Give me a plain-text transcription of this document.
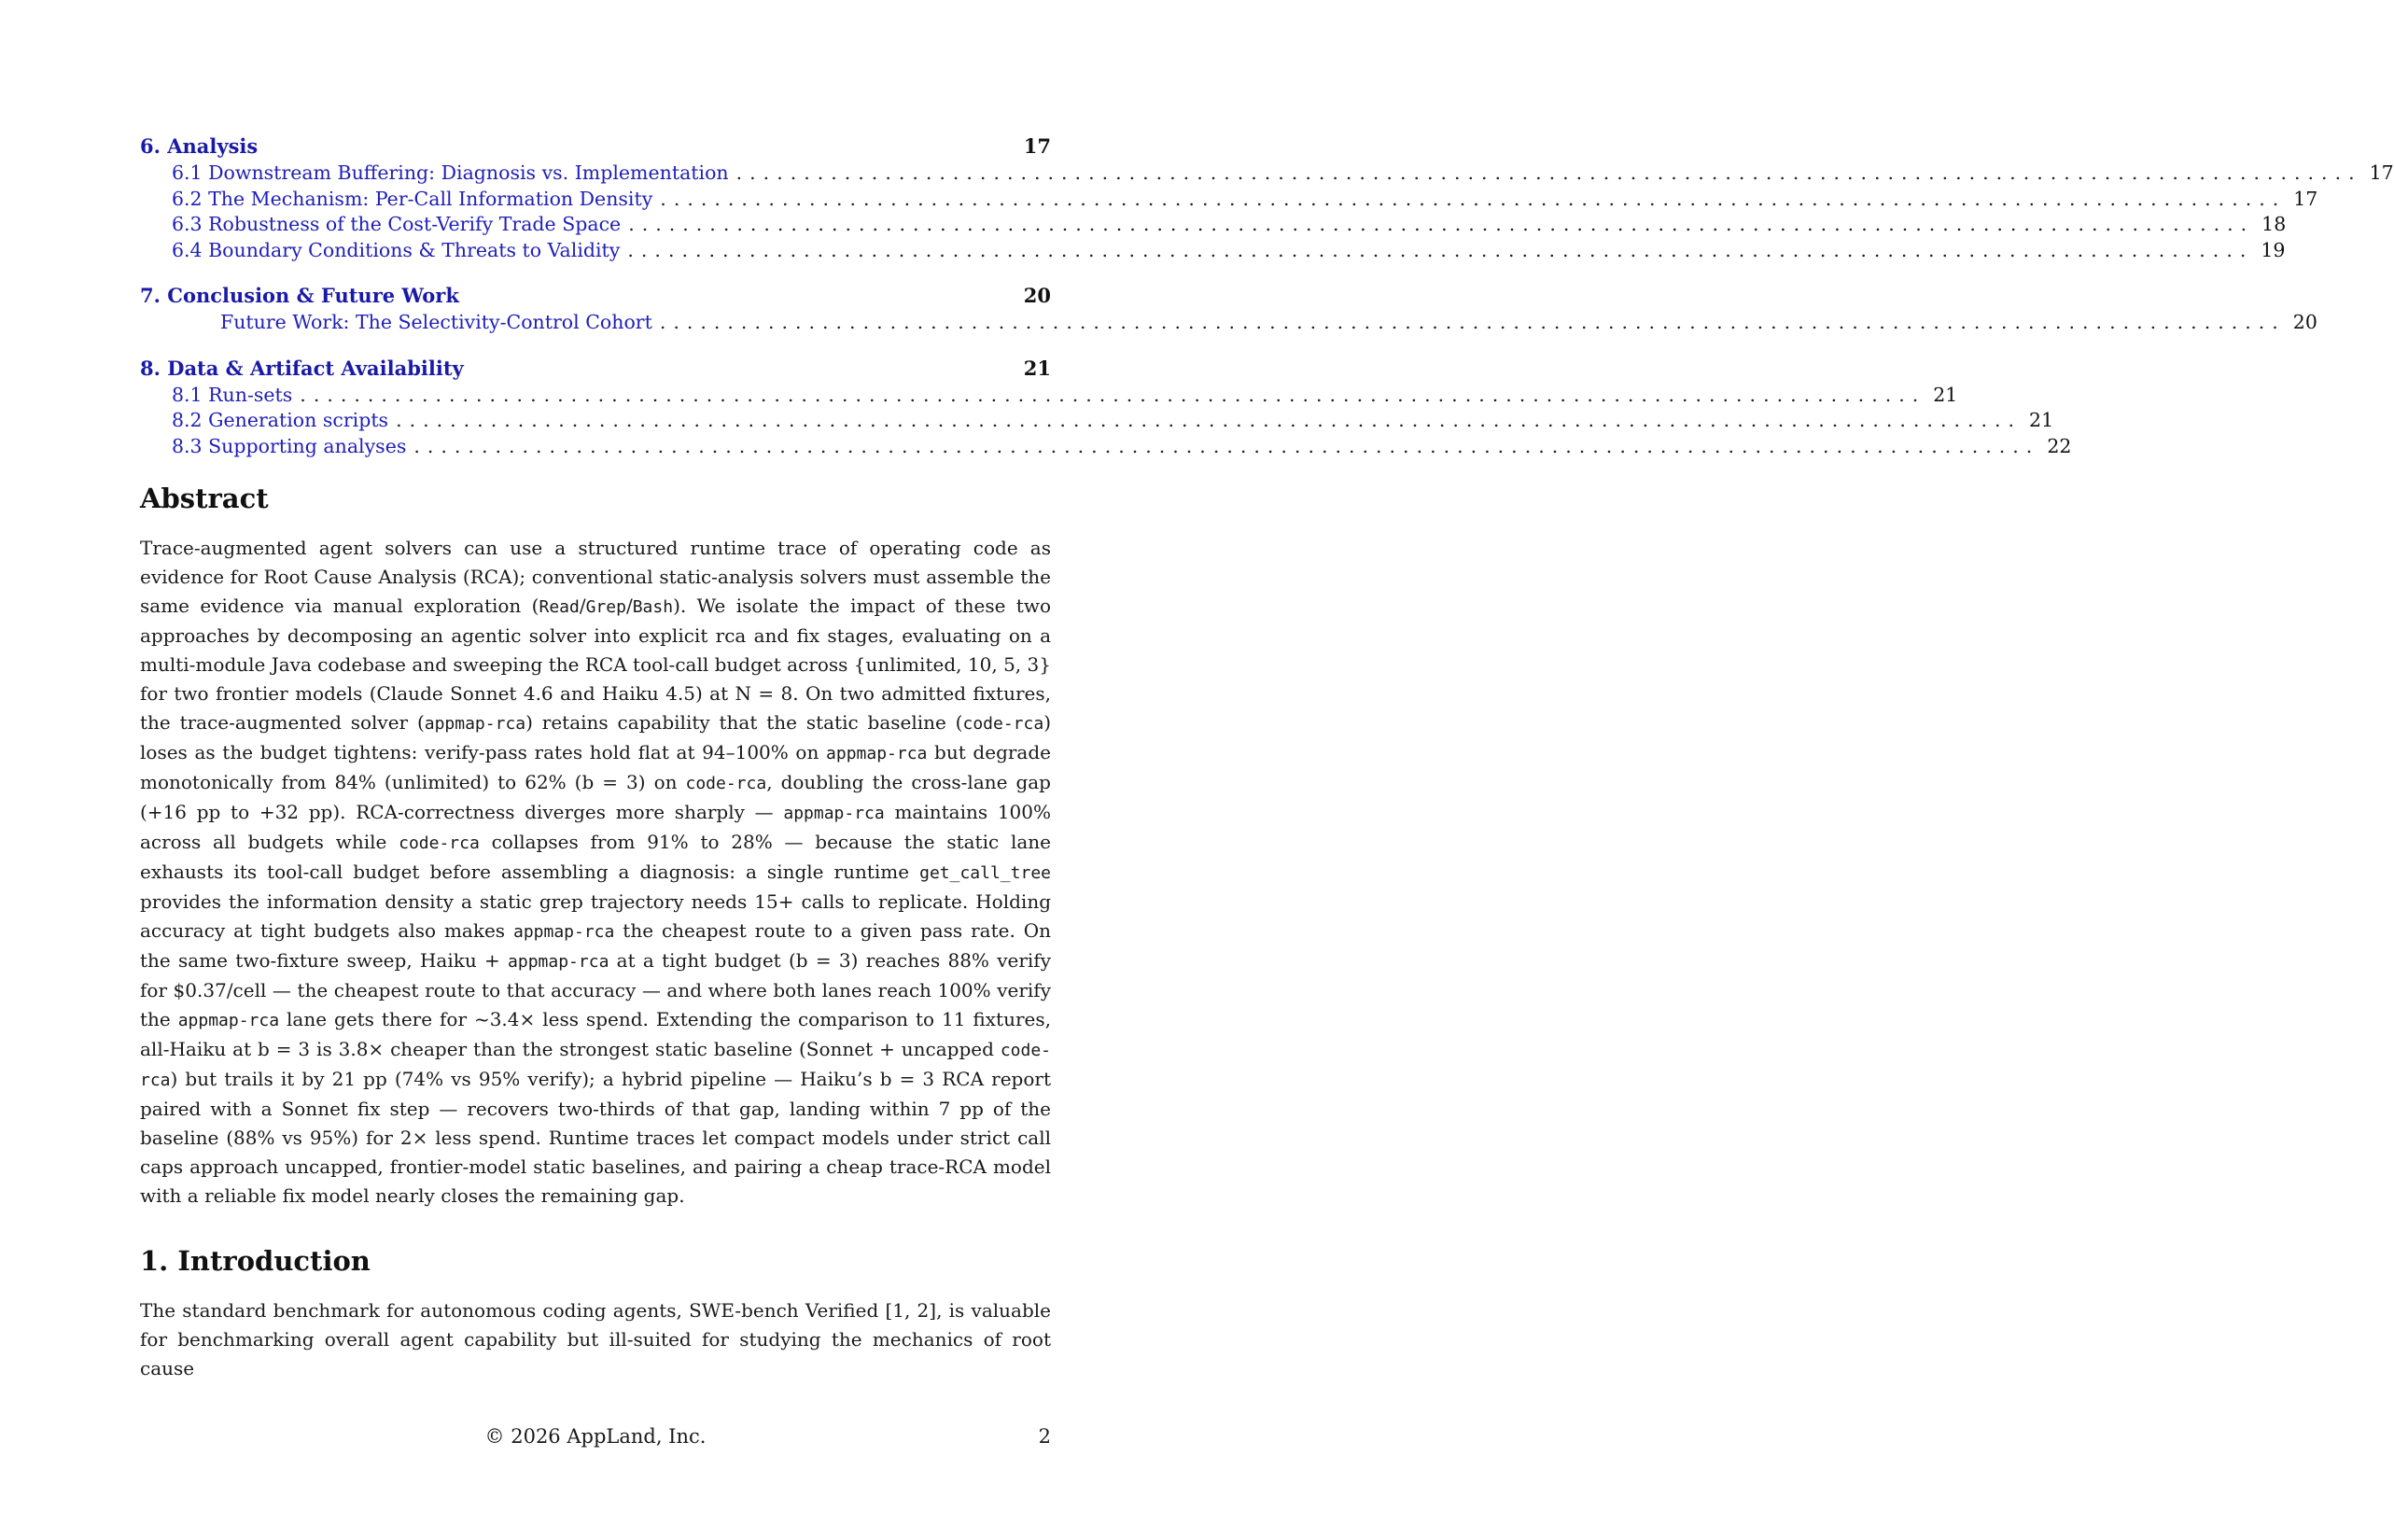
6. Analysis	17
6.1 Downstream Buffering: Diagnosis vs. Implementation ........................................................................................................................ 17
6.2 The Mechanism: Per-Call Information Density ........................................................................................................................ 17
6.3 Robustness of the Cost-Verify Trade Space ........................................................................................................................ 18
6.4 Boundary Conditions & Threats to Validity ........................................................................................................................ 19
7. Conclusion & Future Work	20
Future Work: The Selectivity-Control Cohort ........................................................................................................................ 20
8. Data & Artifact Availability	21
8.1 Run-sets ........................................................................................................................ 21
8.2 Generation scripts ........................................................................................................................ 21
8.3 Supporting analyses ........................................................................................................................ 22
Abstract

Trace-augmented agent solvers can use a structured runtime trace of operating code as evidence for Root Cause Analysis (RCA); conventional static-analysis solvers must assemble the same evidence via manual exploration (Read/Grep/Bash). We isolate the impact of these two approaches by decomposing an agentic solver into explicit rca and fix stages, evaluating on a multi-module Java codebase and sweeping the RCA tool-call budget across {unlimited, 10, 5, 3} for two frontier models (Claude Sonnet 4.6 and Haiku 4.5) at N = 8. On two admitted fixtures, the trace-augmented solver (appmap-rca) retains capability that the static baseline (code-rca) loses as the budget tightens: verify-pass rates hold flat at 94–100% on appmap-rca but degrade monotonically from 84% (unlimited) to 62% (b = 3) on code-rca, doubling the cross-lane gap (+16 pp to +32 pp). RCA-correctness diverges more sharply — appmap-rca maintains 100% across all budgets while code-rca collapses from 91% to 28% — because the static lane exhausts its tool-call budget before assembling a diagnosis: a single runtime get_call_tree provides the information density a static grep trajectory needs 15+ calls to replicate. Holding accuracy at tight budgets also makes appmap-rca the cheapest route to a given pass rate. On the same two-fixture sweep, Haiku + appmap-rca at a tight budget (b = 3) reaches 88% verify for $0.37/cell — the cheapest route to that accuracy — and where both lanes reach 100% verify the appmap-rca lane gets there for ~3.4× less spend. Extending the comparison to 11 fixtures, all-Haiku at b = 3 is 3.8× cheaper than the strongest static baseline (Sonnet + uncapped code-rca) but trails it by 21 pp (74% vs 95% verify); a hybrid pipeline — Haiku’s b = 3 RCA report paired with a Sonnet fix step — recovers two-thirds of that gap, landing within 7 pp of the baseline (88% vs 95%) for 2× less spend. Runtime traces let compact models under strict call caps approach uncapped, frontier-model static baselines, and pairing a cheap trace-RCA model with a reliable fix model nearly closes the remaining gap.

1. Introduction

The standard benchmark for autonomous coding agents, SWE-bench Verified [1, 2], is valuable for benchmarking overall agent capability but ill-suited for studying the mechanics of root cause

© 2026 AppLand, Inc.	2
